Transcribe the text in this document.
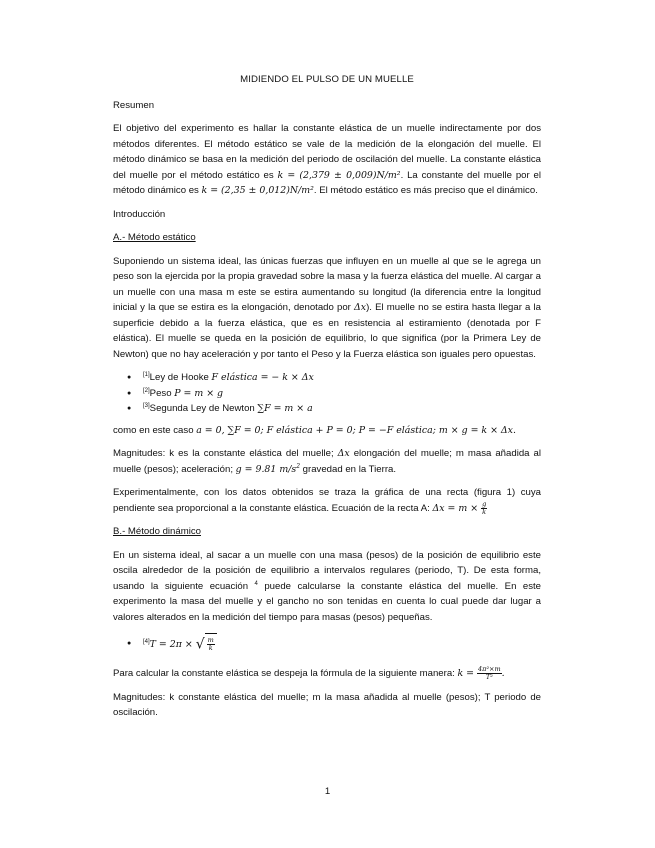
MIDIENDO EL PULSO DE UN MUELLE
Resumen

El objetivo del experimento es hallar la constante elástica de un muelle indirectamente por dos métodos diferentes. El método estático se vale de la medición de la elongación del muelle. El método dinámico se basa en la medición del periodo de oscilación del muelle. La constante elástica del muelle por el método estático es k = (2,379 ± 0,009)N/m². La constante del muelle por el método dinámico es k = (2,35 ± 0,012)N/m². El método estático es más preciso que el dinámico.

Introducción
A.- Método estático

Suponiendo un sistema ideal, las únicas fuerzas que influyen en un muelle al que se le agrega un peso son la ejercida por la propia gravedad sobre la masa y la fuerza elástica del muelle. Al cargar a un muelle con una masa m este se estira aumentando su longitud (la diferencia entre la longitud inicial y la que se estira es la elongación, denotado por Δx). El muelle no se estira hasta llegar a la superficie debido a la fuerza elástica, que es en resistencia al estiramiento (denotada por F elástica). El muelle se queda en la posición de equilibrio, lo que significa (por la Primera Ley de Newton) que no hay aceleración y por tanto el Peso y la Fuerza elástica son iguales pero opuestas.

● [1]Ley de Hooke F elástica = − k × Δx
● [2]Peso P = m × g
● [3]Segunda Ley de Newton ∑F = m × a

como en este caso a = 0, ∑F = 0; F elástica + P = 0; P = −F elástica; m × g = k × Δx.

Magnitudes: k es la constante elástica del muelle; Δx elongación del muelle; m masa añadida al muelle (pesos); aceleración; g = 9.81 $m/s^2$ gravedad en la Tierra.

Experimentalmente, con los datos obtenidos se traza la gráfica de una recta (figura 1) cuya pendiente sea proporcional a la constante elástica. Ecuación de la recta A: $\Delta x = m \times \frac{g}{k}$

B.- Método dinámico

En un sistema ideal, al sacar a un muelle con una masa (pesos) de la posición de equilibrio este oscila alrededor de la posición de equilibrio a intervalos regulares (periodo, T). De esta forma, usando la siguiente ecuación $^4$ puede calcularse la constante elástica del muelle. En este experimento la masa del muelle y el gancho no son tenidas en cuenta lo cual puede dar lugar a valores alterados en la medición del tiempo para masas (pesos) pequeñas.

● [4]T = 2π × √ $\frac{m}{k}$

Para calcular la constante elástica se despeja la fórmula de la siguiente manera: $k = \frac{\text{4π²×m}}{\text{T²}}$ .

Magnitudes: k constante elástica del muelle; m la masa añadida al muelle (pesos); T periodo de oscilación.

1
